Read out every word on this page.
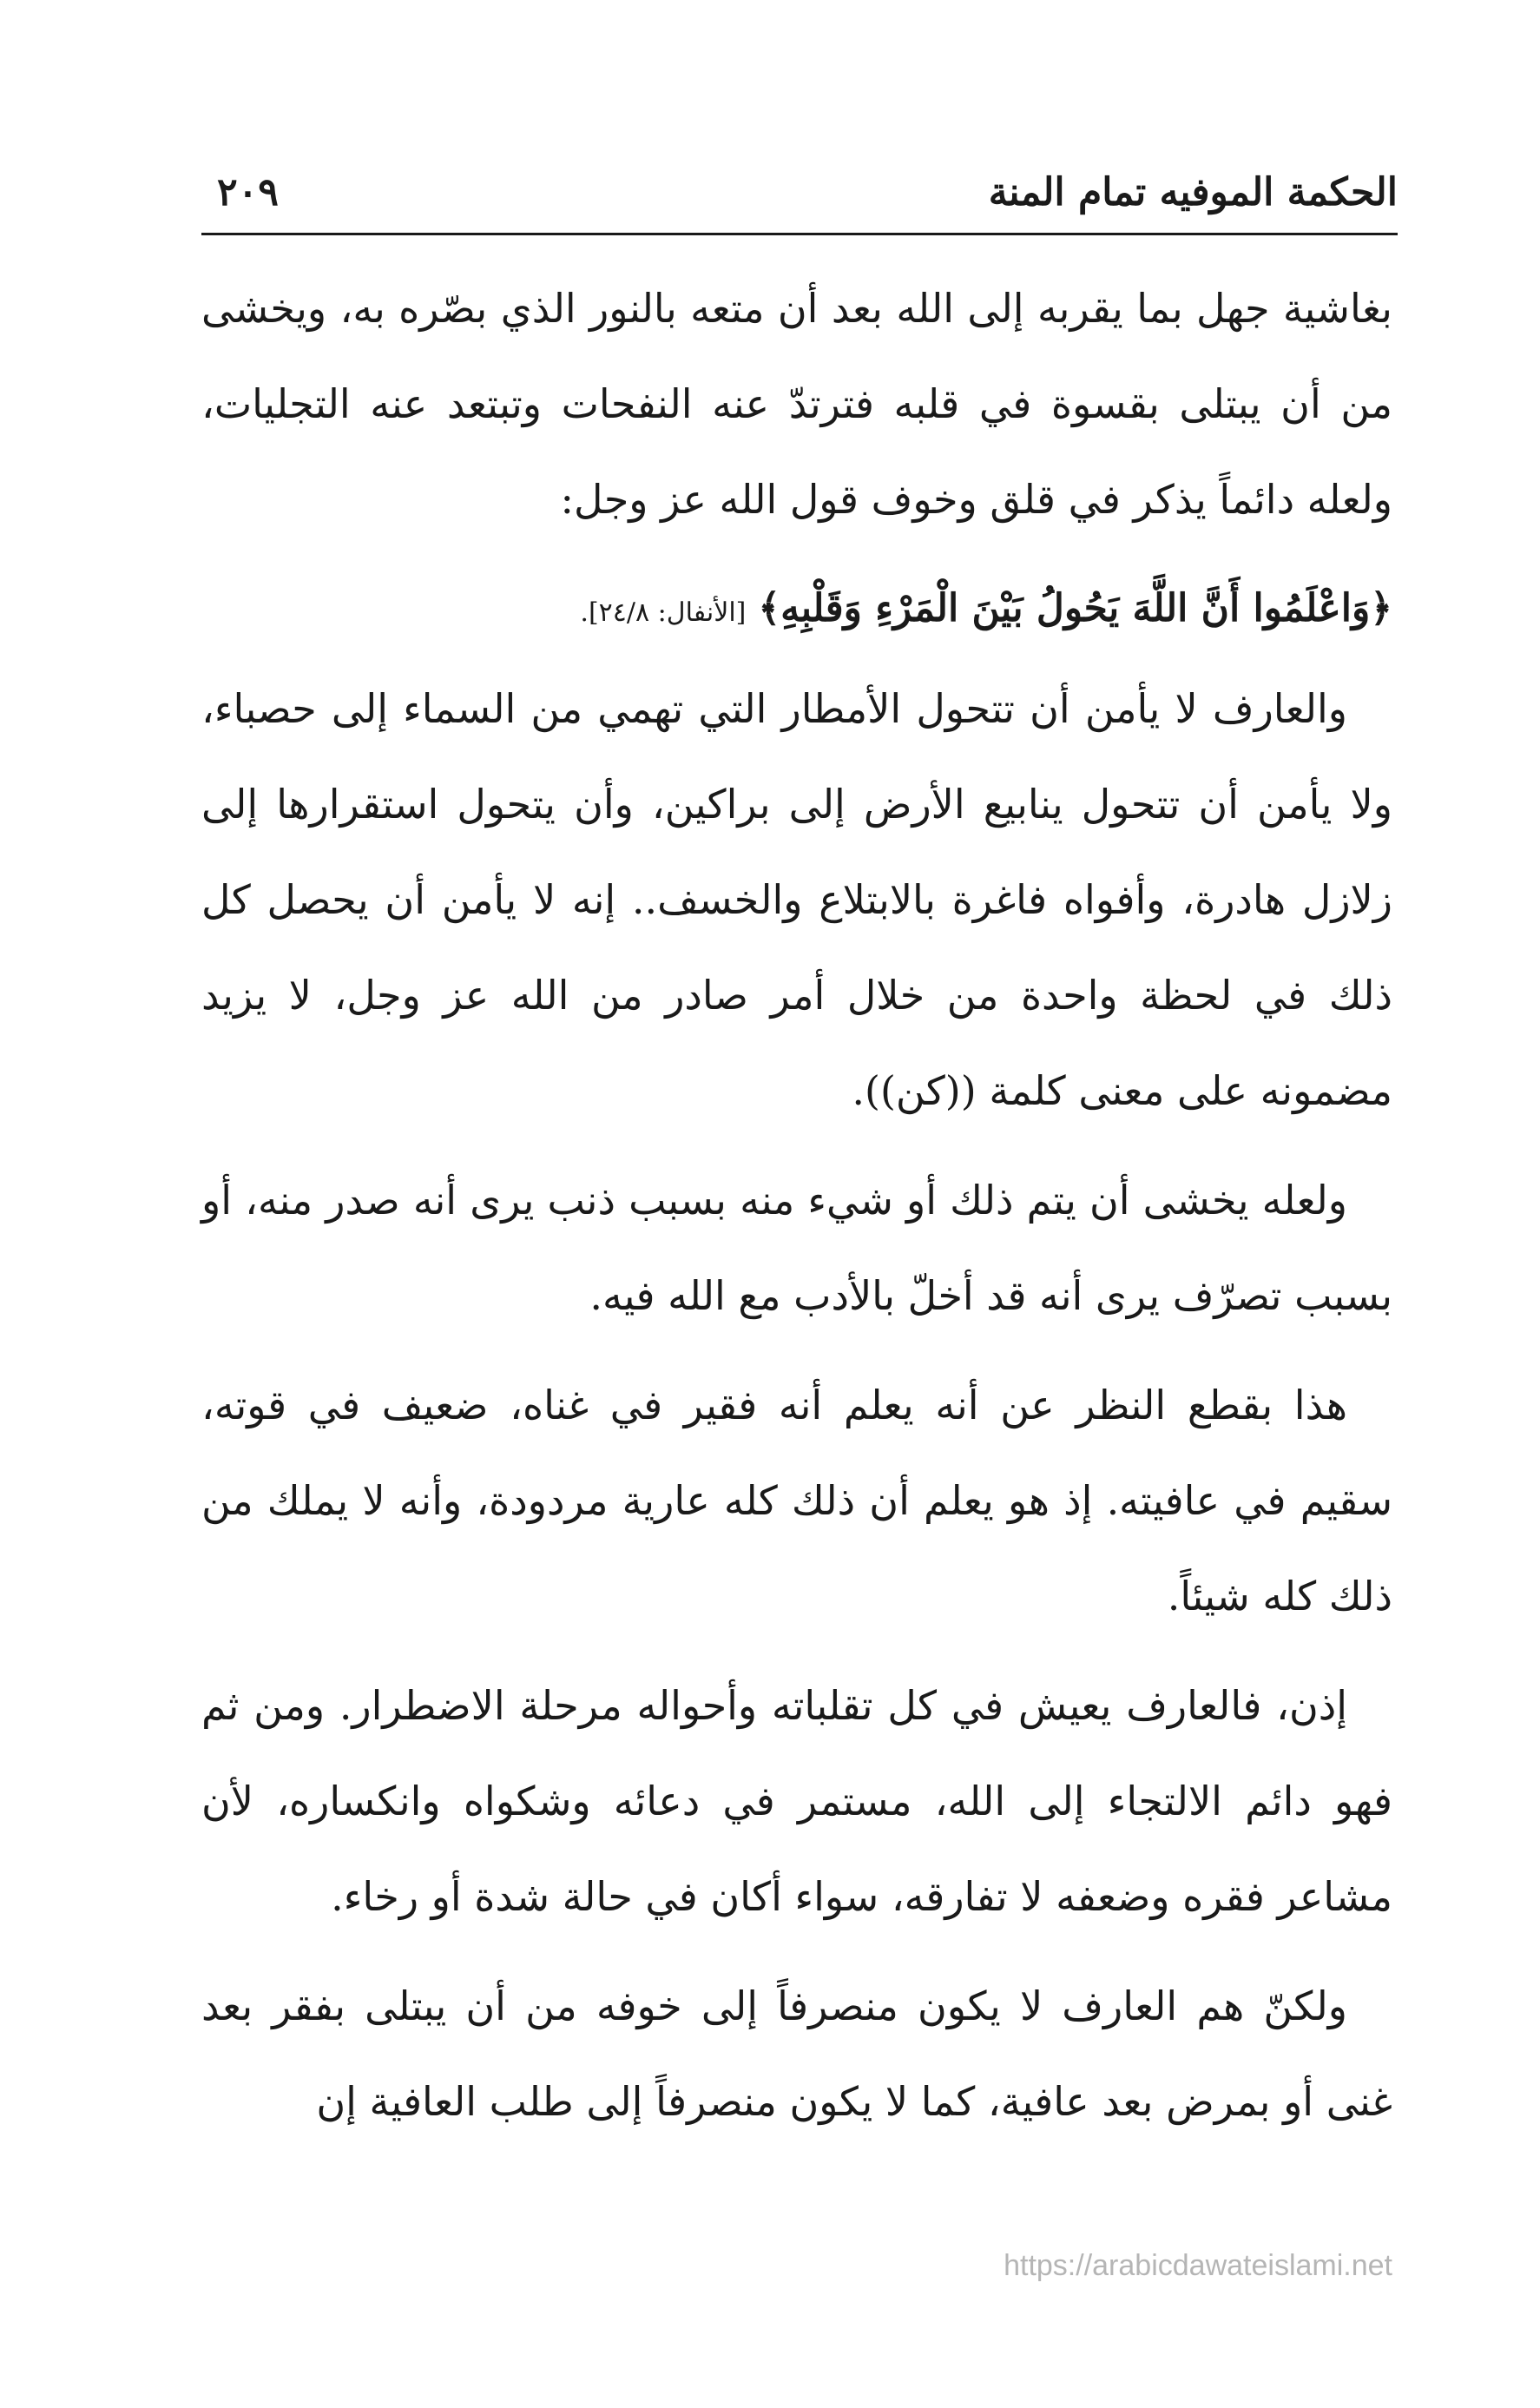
الحكمة الموفيه تمام المنة
٢٠٩

بغاشية جهل بما يقربه إلى الله بعد أن متعه بالنور الذي بصّره به، ويخشى من أن يبتلى بقسوة في قلبه فترتدّ عنه النفحات وتبتعد عنه التجليات، ولعله دائماً يذكر في قلق وخوف قول الله عز وجل:

﴿وَاعْلَمُوا أَنَّ اللَّهَ يَحُولُ بَيْنَ الْمَرْءِ وَقَلْبِهِ﴾ [الأنفال: ٢٤/٨].

والعارف لا يأمن أن تتحول الأمطار التي تهمي من السماء إلى حصباء، ولا يأمن أن تتحول ينابيع الأرض إلى براكين، وأن يتحول استقرارها إلى زلازل هادرة، وأفواه فاغرة بالابتلاع والخسف.. إنه لا يأمن أن يحصل كل ذلك في لحظة واحدة من خلال أمر صادر من الله عز وجل، لا يزيد مضمونه على معنى كلمة ((كن)).

ولعله يخشى أن يتم ذلك أو شيء منه بسبب ذنب يرى أنه صدر منه، أو بسبب تصرّف يرى أنه قد أخلّ بالأدب مع الله فيه.

هذا بقطع النظر عن أنه يعلم أنه فقير في غناه، ضعيف في قوته، سقيم في عافيته. إذ هو يعلم أن ذلك كله عارية مردودة، وأنه لا يملك من ذلك كله شيئاً.

إذن، فالعارف يعيش في كل تقلباته وأحواله مرحلة الاضطرار. ومن ثم فهو دائم الالتجاء إلى الله، مستمر في دعائه وشكواه وانكساره، لأن مشاعر فقره وضعفه لا تفارقه، سواء أكان في حالة شدة أو رخاء.

ولكنّ هم العارف لا يكون منصرفاً إلى خوفه من أن يبتلى بفقر بعد غنى أو بمرض بعد عافية، كما لا يكون منصرفاً إلى طلب العافية إن

https://arabicdawateislami.net
